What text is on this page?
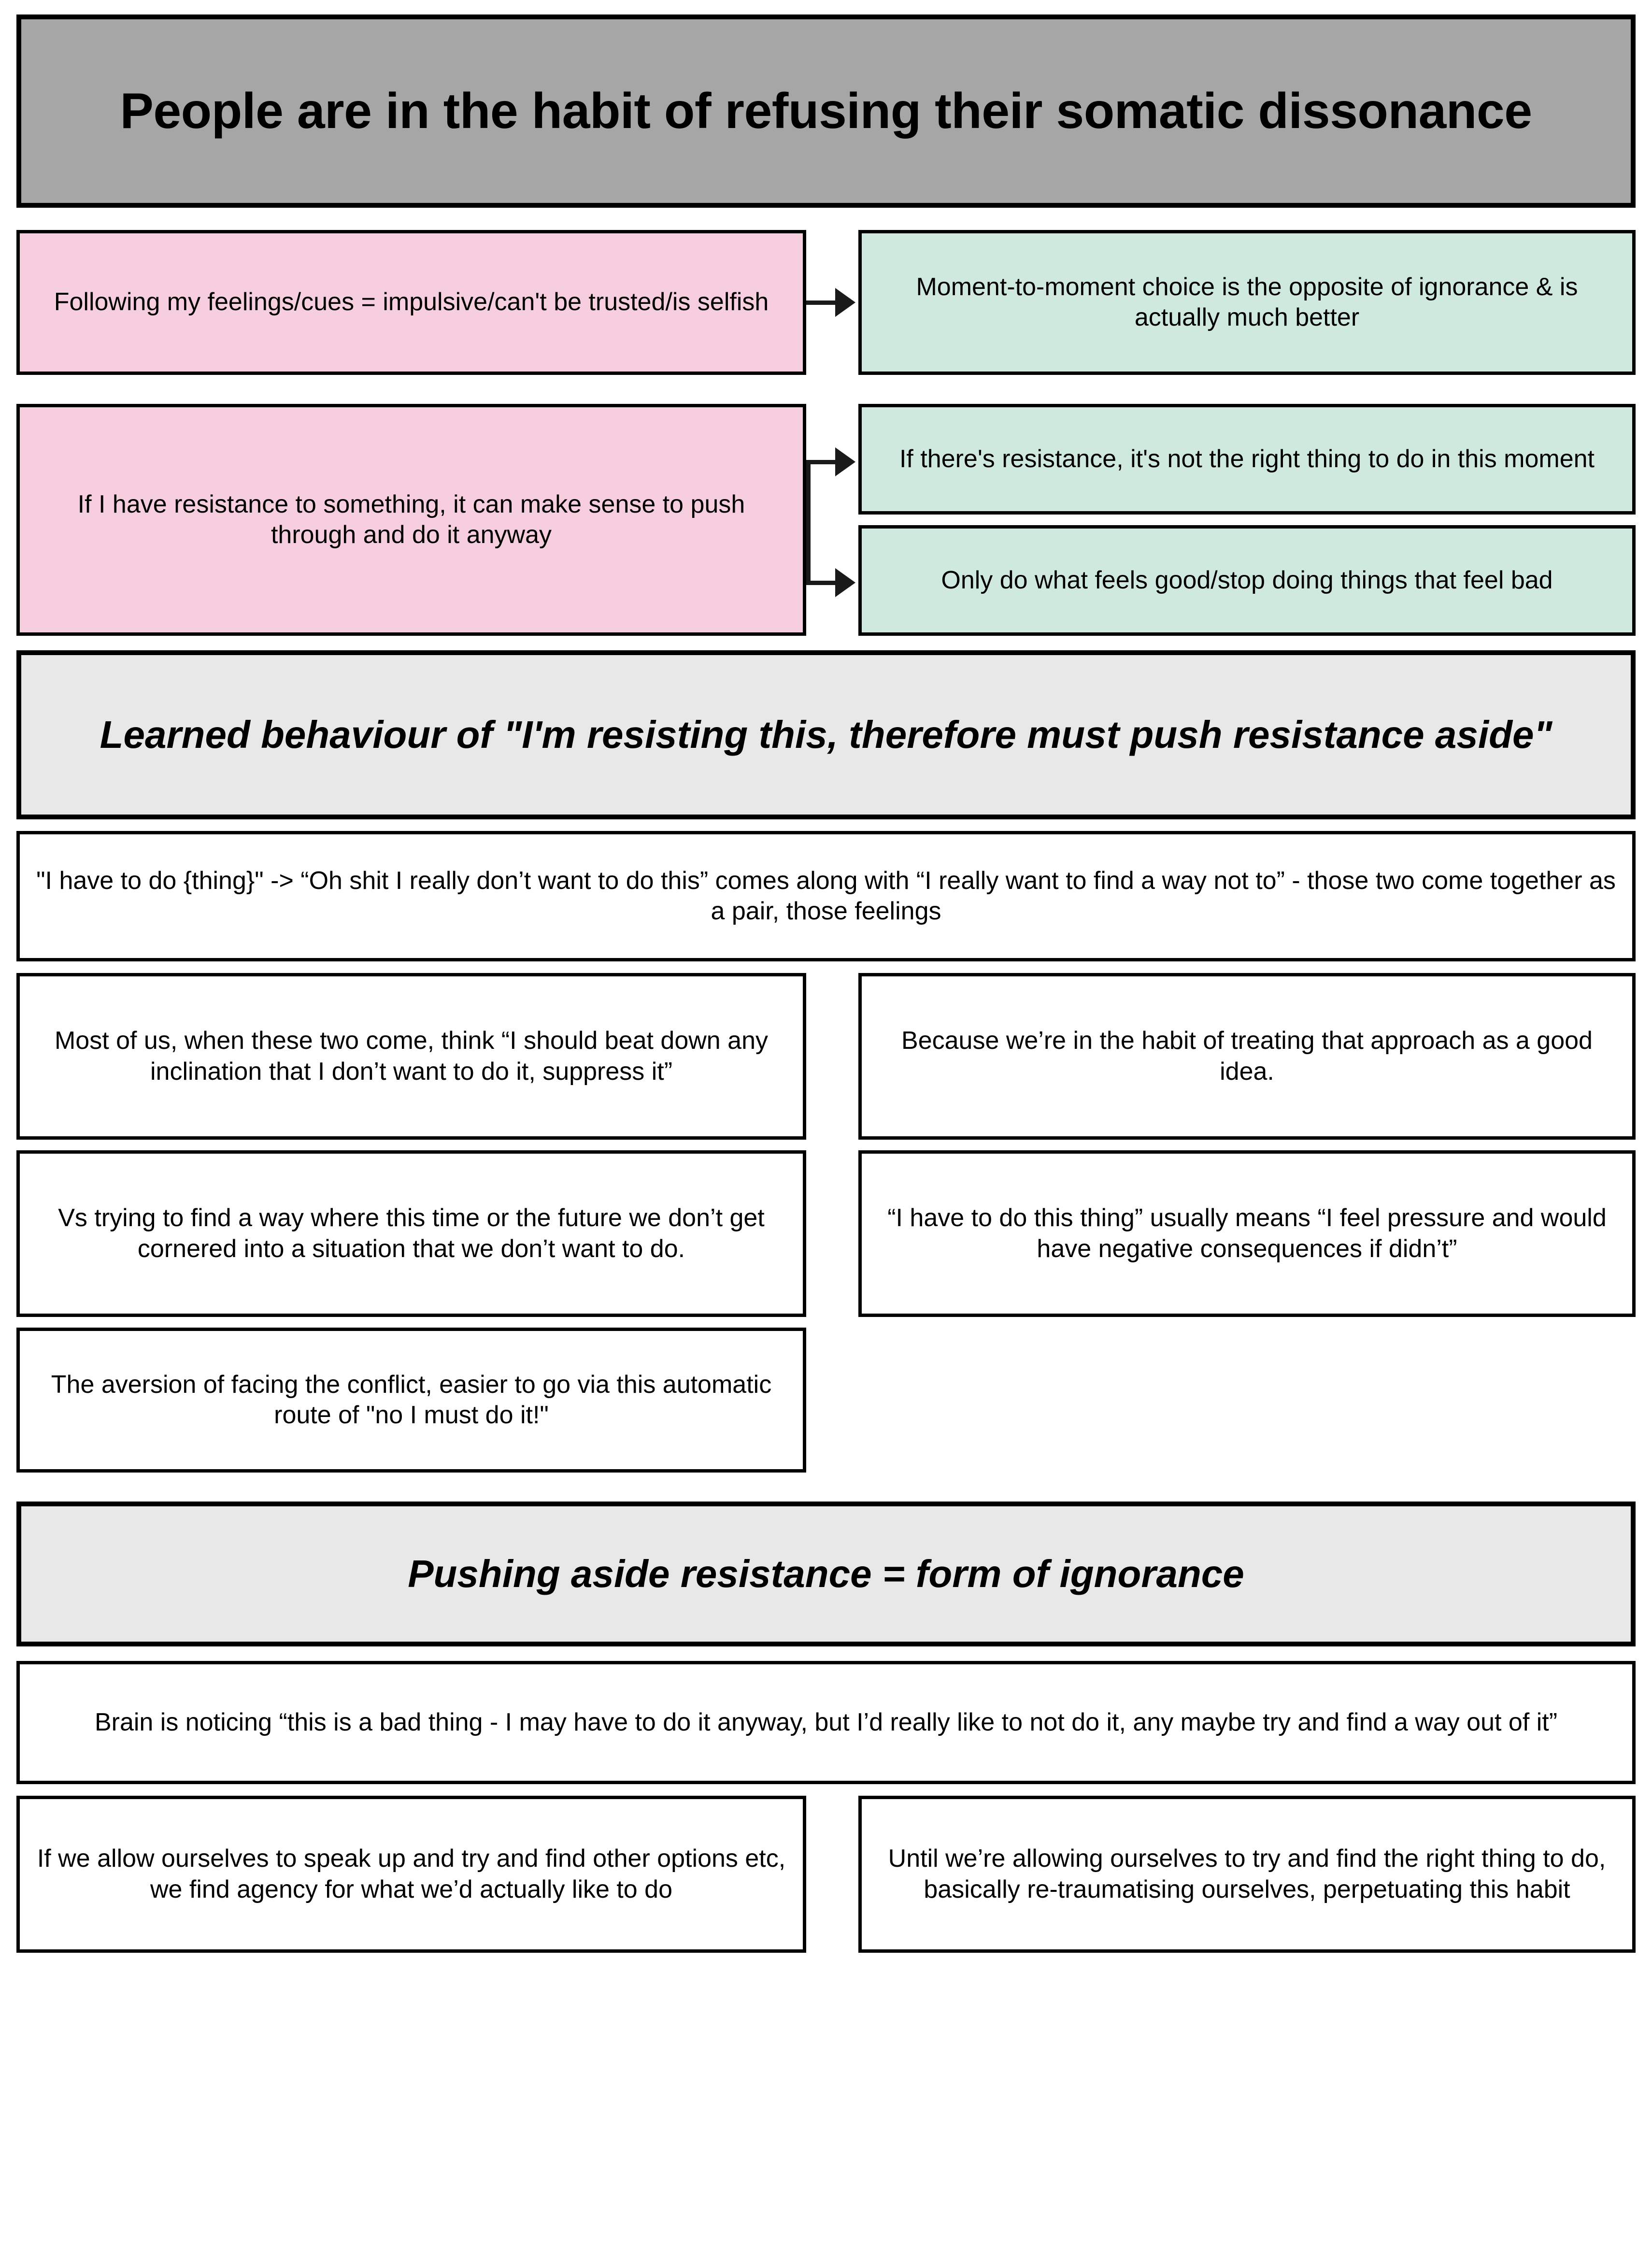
People are in the habit of refusing their somatic dissonance
Following my feelings/cues = impulsive/can't be trusted/is selfish
Moment-to-moment choice is the opposite of ignorance & is actually much better
If I have resistance to something, it can make sense to push through and do it anyway
If there's resistance, it's not the right thing to do in this moment
Only do what feels good/stop doing things that feel bad
Learned behaviour of "I'm resisting this, therefore must push resistance aside"
"I have to do {thing}" -> “Oh shit I really don’t want to do this” comes along with “I really want to find a way not to” - those two come together as a pair, those feelings
Most of us, when these two come, think “I should beat down any inclination that I don’t want to do it, suppress it”
Vs trying to find a way where this time or the future we don’t get cornered into a situation that we don’t want to do.
The aversion of facing the conflict, easier to go via this automatic route of "no I must do it!"
Because we’re in the habit of treating that approach as a good idea.
“I have to do this thing” usually means “I feel pressure and would have negative consequences if didn’t”
Pushing aside resistance = form of ignorance
Brain is noticing “this is a bad thing - I may have to do it anyway, but I’d really like to not do it, any maybe try and find a way out of it”
If we allow ourselves to speak up and try and find other options etc, we find agency for what we’d actually like to do
Until we’re allowing ourselves to try and find the right thing to do, basically re-traumatising ourselves, perpetuating this habit
